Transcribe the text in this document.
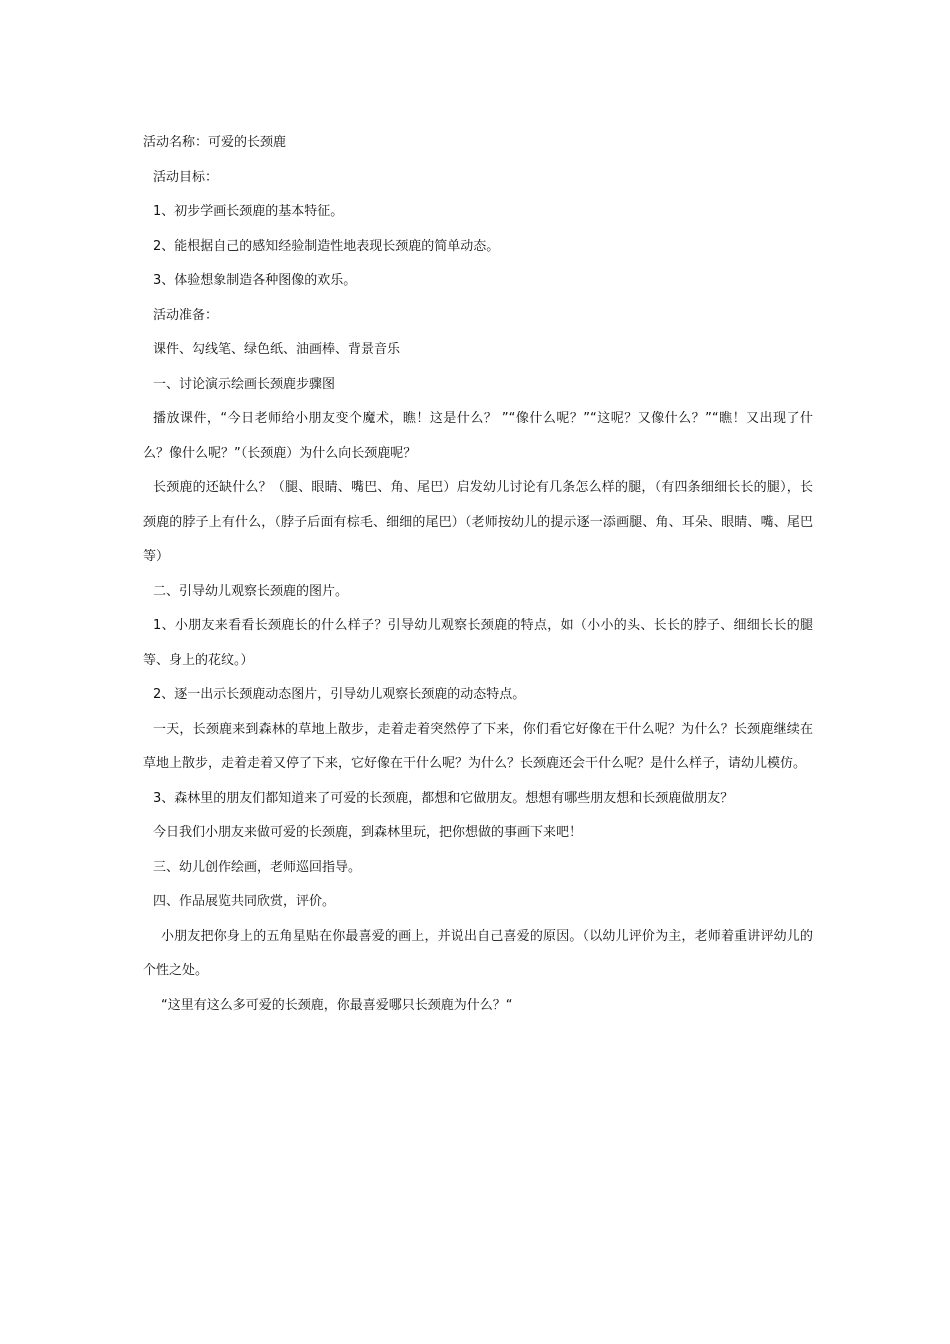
活动名称：可爱的长颈鹿

活动目标：

1、初步学画长颈鹿的基本特征。

2、能根据自己的感知经验制造性地表现长颈鹿的简单动态。

3、体验想象制造各种图像的欢乐。

活动准备：

课件、勾线笔、绿色纸、油画棒、背景音乐

一、讨论演示绘画长颈鹿步骤图

播放课件，“今日老师给小朋友变个魔术，瞧！这是什么？ ”“像什么呢？”“这呢？又像什么？”“瞧！又出现了什么？像什么呢？”（长颈鹿）为什么向长颈鹿呢？

长颈鹿的还缺什么？（腿、眼睛、嘴巴、角、尾巴）启发幼儿讨论有几条怎么样的腿，（有四条细细长长的腿），长颈鹿的脖子上有什么，（脖子后面有棕毛、细细的尾巴）（老师按幼儿的提示逐一添画腿、角、耳朵、眼睛、嘴、尾巴等）

二、引导幼儿观察长颈鹿的图片。

1、小朋友来看看长颈鹿长的什么样子？引导幼儿观察长颈鹿的特点，如（小小的头、长长的脖子、细细长长的腿等、身上的花纹。）

2、逐一出示长颈鹿动态图片，引导幼儿观察长颈鹿的动态特点。

一天，长颈鹿来到森林的草地上散步，走着走着突然停了下来，你们看它好像在干什么呢？为什么？长颈鹿继续在草地上散步，走着走着又停了下来，它好像在干什么呢？为什么？长颈鹿还会干什么呢？是什么样子，请幼儿模仿。

3、森林里的朋友们都知道来了可爱的长颈鹿，都想和它做朋友。想想有哪些朋友想和长颈鹿做朋友？

今日我们小朋友来做可爱的长颈鹿，到森林里玩，把你想做的事画下来吧！

三、幼儿创作绘画，老师巡回指导。

四、作品展览共同欣赏，评价。

小朋友把你身上的五角星贴在你最喜爱的画上，并说出自己喜爱的原因。（以幼儿评价为主，老师着重讲评幼儿的个性之处。

“这里有这么多可爱的长颈鹿，你最喜爱哪只长颈鹿为什么？“
